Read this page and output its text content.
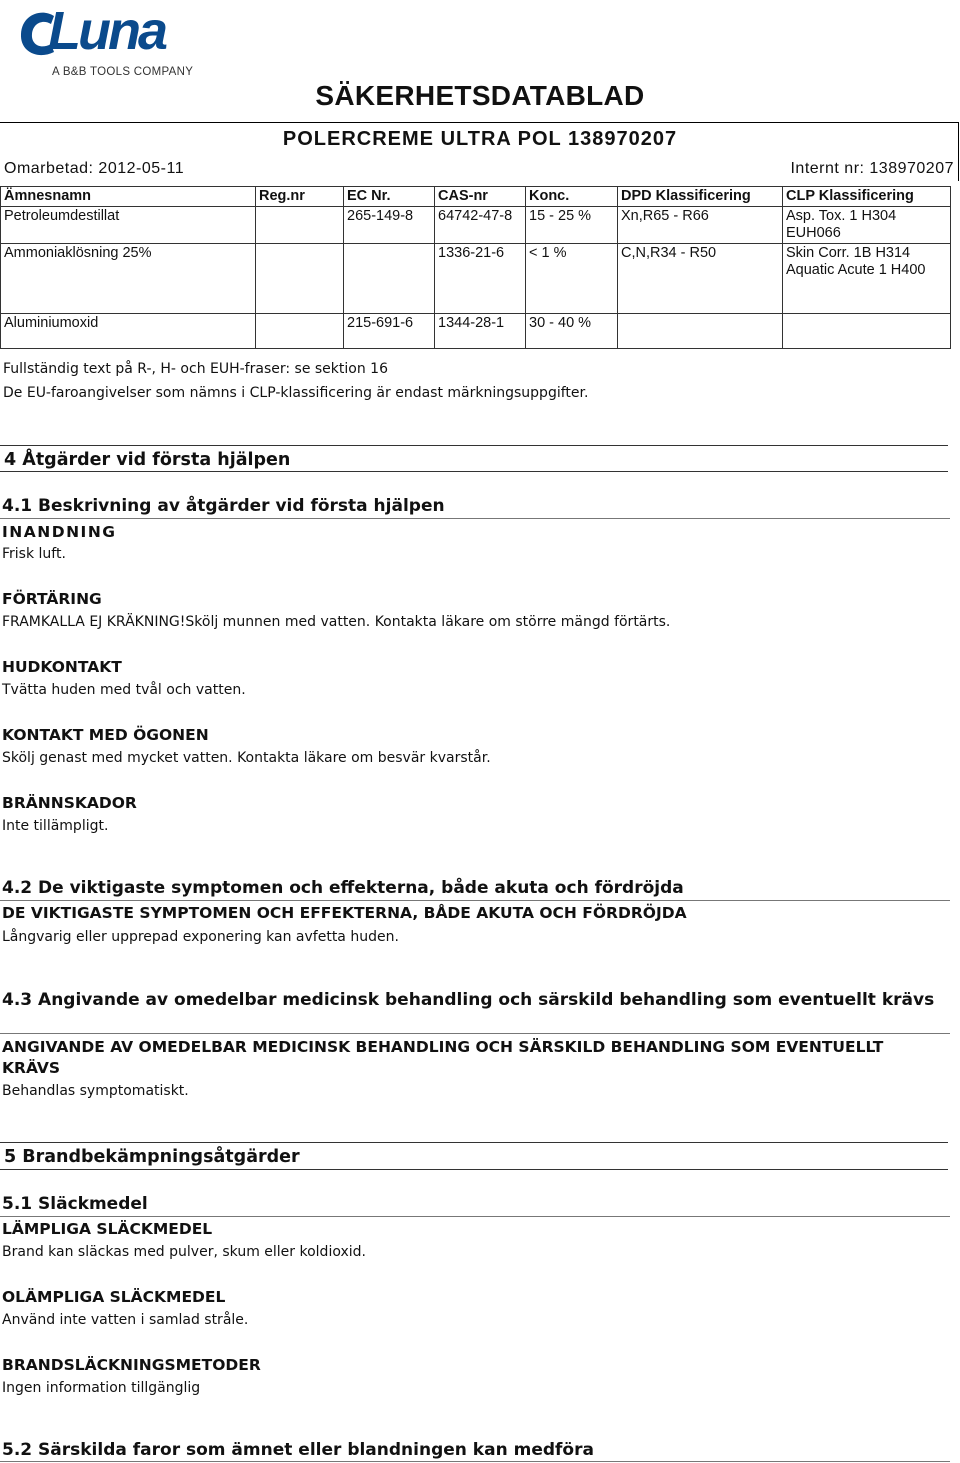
Luna
A B&B TOOLS COMPANY
SÄKERHETSDATABLAD
POLERCREME ULTRA POL 138970207
Omarbetad: 2012-05-11	Internt nr: 138970207
Ämnesnamn	Reg.nr	EC Nr.	CAS-nr	Konc.	DPD Klassificering	CLP Klassificering
Petroleumdestillat		265-149-8	64742-47-8	15 - 25 %	Xn,R65 - R66	Asp. Tox. 1 H304 EUH066
Ammoniaklösning 25%			1336-21-6	< 1 %	C,N,R34 - R50	Skin Corr. 1B H314 Aquatic Acute 1 H400
Aluminiumoxid		215-691-6	1344-28-1	30 - 40 %		
Fullständig text på R-, H- och EUH-fraser: se sektion 16
De EU-faroangivelser som nämns i CLP-klassificering är endast märkningsuppgifter.
4 Åtgärder vid första hjälpen
4.1 Beskrivning av åtgärder vid första hjälpen
INANDNING
Frisk luft.
FÖRTÄRING
FRAMKALLA EJ KRÄKNING!Skölj munnen med vatten. Kontakta läkare om större mängd förtärts.
HUDKONTAKT
Tvätta huden med tvål och vatten.
KONTAKT MED ÖGONEN
Skölj genast med mycket vatten. Kontakta läkare om besvär kvarstår.
BRÄNNSKADOR
Inte tillämpligt.
4.2 De viktigaste symptomen och effekterna, både akuta och fördröjda
DE VIKTIGASTE SYMPTOMEN OCH EFFEKTERNA, BÅDE AKUTA OCH FÖRDRÖJDA
Långvarig eller upprepad exponering kan avfetta huden.
4.3 Angivande av omedelbar medicinsk behandling och särskild behandling som eventuellt krävs
ANGIVANDE AV OMEDELBAR MEDICINSK BEHANDLING OCH SÄRSKILD BEHANDLING SOM EVENTUELLT KRÄVS
Behandlas symptomatiskt.
5 Brandbekämpningsåtgärder
5.1 Släckmedel
LÄMPLIGA SLÄCKMEDEL
Brand kan släckas med pulver, skum eller koldioxid.
OLÄMPLIGA SLÄCKMEDEL
Använd inte vatten i samlad stråle.
BRANDSLÄCKNINGSMETODER
Ingen information tillgänglig
5.2 Särskilda faror som ämnet eller blandningen kan medföra
